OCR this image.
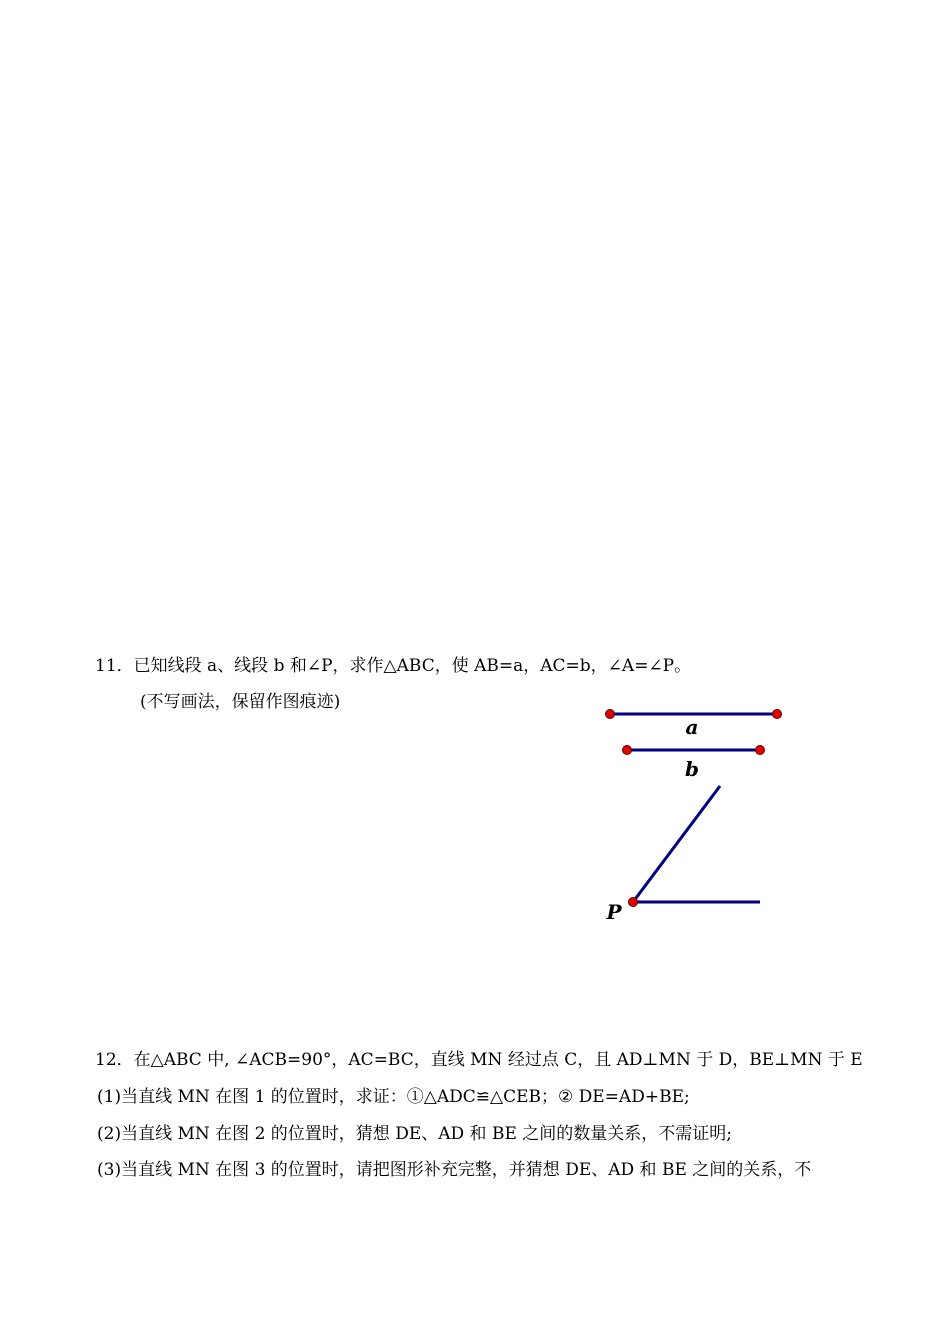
11．已知线段 a、线段 b 和∠P，求作△ABC，使 AB=a，AC=b，∠A=∠P。
(不写画法，保留作图痕迹)
a
b
P
12．在△ABC 中, ∠ACB=90°，AC=BC，直线 MN 经过点 C，且 AD⊥MN 于 D，BE⊥MN 于 E
(1)当直线 MN 在图 1 的位置时，求证：①△ADC≌△CEB；② DE=AD+BE;
(2)当直线 MN 在图 2 的位置时，猜想 DE、AD 和 BE 之间的数量关系，不需证明;
(3)当直线 MN 在图 3 的位置时，请把图形补充完整，并猜想 DE、AD 和 BE 之间的关系，不
